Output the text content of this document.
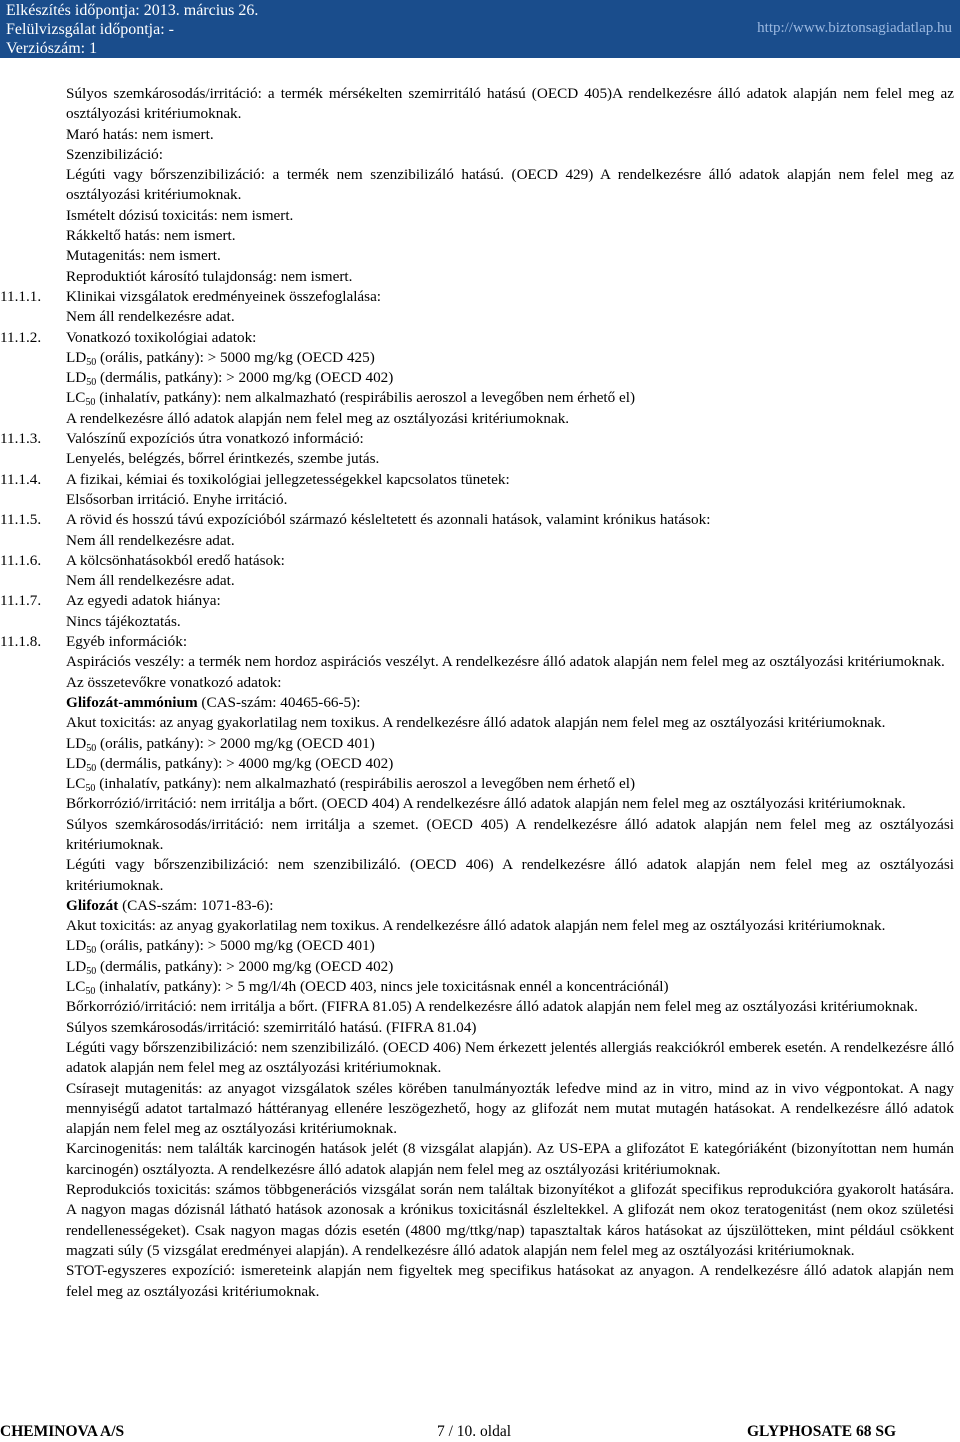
Elkészítés időpontja: 2013. március 26.
Felülvizsgálat időpontja: -
Verziószám: 1
http://www.biztonsagiadatlap.hu
Súlyos szemkárosodás/irritáció: a termék mérsékelten szemirritáló hatású (OECD 405)A rendelkezésre álló adatok alapján nem felel meg az osztályozási kritériumoknak.
Maró hatás: nem ismert.
Szenzibilizáció:
Légúti vagy bőrszenzibilizáció: a termék nem szenzibilizáló hatású. (OECD 429) A rendelkezésre álló adatok alapján nem felel meg az osztályozási kritériumoknak.
Ismételt dózisú toxicitás: nem ismert.
Rákkeltő hatás: nem ismert.
Mutagenitás: nem ismert.
Reproduktiót károsító tulajdonság: nem ismert.
11.1.1. Klinikai vizsgálatok eredményeinek összefoglalása:
Nem áll rendelkezésre adat.
11.1.2. Vonatkozó toxikológiai adatok:
$LD_{50}$ (orális, patkány): > 5000 mg/kg (OECD 425)
$LD_{50}$ (dermális, patkány): > 2000 mg/kg (OECD 402)
$LC_{50}$ (inhalatív, patkány): nem alkalmazható (respirábilis aeroszol a levegőben nem érhető el)
A rendelkezésre álló adatok alapján nem felel meg az osztályozási kritériumoknak.
11.1.3. Valószínű expozíciós útra vonatkozó információ:
Lenyelés, belégzés, bőrrel érintkezés, szembe jutás.
11.1.4. A fizikai, kémiai és toxikológiai jellegzetességekkel kapcsolatos tünetek:
Elsősorban irritáció. Enyhe irritáció.
11.1.5. A rövid és hosszú távú expozícióból származó késleltetett és azonnali hatások, valamint krónikus hatások:
Nem áll rendelkezésre adat.
11.1.6. A kölcsönhatásokból eredő hatások:
Nem áll rendelkezésre adat.
11.1.7. Az egyedi adatok hiánya:
Nincs tájékoztatás.
11.1.8. Egyéb információk:
Aspirációs veszély: a termék nem hordoz aspirációs veszélyt. A rendelkezésre álló adatok alapján nem felel meg az osztályozási kritériumoknak.
Az összetevőkre vonatkozó adatok:
Glifozát-ammónium (CAS-szám: 40465-66-5):
Akut toxicitás: az anyag gyakorlatilag nem toxikus. A rendelkezésre álló adatok alapján nem felel meg az osztályozási kritériumoknak.
$LD_{50}$ (orális, patkány): > 2000 mg/kg (OECD 401)
$LD_{50}$ (dermális, patkány): > 4000 mg/kg (OECD 402)
$LC_{50}$ (inhalatív, patkány): nem alkalmazható (respirábilis aeroszol a levegőben nem érhető el)
Bőrkorrózió/irritáció: nem irritálja a bőrt. (OECD 404) A rendelkezésre álló adatok alapján nem felel meg az osztályozási kritériumoknak.
Súlyos szemkárosodás/irritáció: nem irritálja a szemet. (OECD 405) A rendelkezésre álló adatok alapján nem felel meg az osztályozási kritériumoknak.
Légúti vagy bőrszenzibilizáció: nem szenzibilizáló. (OECD 406) A rendelkezésre álló adatok alapján nem felel meg az osztályozási kritériumoknak.
Glifozát (CAS-szám: 1071-83-6):
Akut toxicitás: az anyag gyakorlatilag nem toxikus. A rendelkezésre álló adatok alapján nem felel meg az osztályozási kritériumoknak.
$LD_{50}$ (orális, patkány): > 5000 mg/kg (OECD 401)
$LD_{50}$ (dermális, patkány): > 2000 mg/kg (OECD 402)
$LC_{50}$ (inhalatív, patkány): > 5 mg/l/4h (OECD 403, nincs jele toxicitásnak ennél a koncentrációnál)
Bőrkorrózió/irritáció: nem irritálja a bőrt. (FIFRA 81.05) A rendelkezésre álló adatok alapján nem felel meg az osztályozási kritériumoknak.
Súlyos szemkárosodás/irritáció: szemirritáló hatású. (FIFRA 81.04)
Légúti vagy bőrszenzibilizáció: nem szenzibilizáló. (OECD 406) Nem érkezett jelentés allergiás reakciókról emberek esetén. A rendelkezésre álló adatok alapján nem felel meg az osztályozási kritériumoknak.
Csírasejt mutagenitás: az anyagot vizsgálatok széles körében tanulmányozták lefedve mind az in vitro, mind az in vivo végpontokat. A nagy mennyiségű adatot tartalmazó háttéranyag ellenére leszögezhető, hogy az glifozát nem mutat mutagén hatásokat. A rendelkezésre álló adatok alapján nem felel meg az osztályozási kritériumoknak.
Karcinogenitás: nem találták karcinogén hatások jelét (8 vizsgálat alapján). Az US-EPA a glifozátot E kategóriáként (bizonyítottan nem humán karcinogén) osztályozta. A rendelkezésre álló adatok alapján nem felel meg az osztályozási kritériumoknak.
Reprodukciós toxicitás: számos többgenerációs vizsgálat során nem találtak bizonyítékot a glifozát specifikus reprodukcióra gyakorolt hatására. A nagyon magas dózisnál látható hatások azonosak a krónikus toxicitásnál észleltekkel. A glifozát nem okoz teratogenitást (nem okoz születési rendellenességeket). Csak nagyon magas dózis esetén (4800 mg/ttkg/nap) tapasztaltak káros hatásokat az újszülötteken, mint például csökkent magzati súly (5 vizsgálat eredményei alapján). A rendelkezésre álló adatok alapján nem felel meg az osztályozási kritériumoknak.
STOT-egyszeres expozíció: ismereteink alapján nem figyeltek meg specifikus hatásokat az anyagon. A rendelkezésre álló adatok alapján nem felel meg az osztályozási kritériumoknak.
CHEMINOVA A/S	7 / 10. oldal	GLYPHOSATE 68 SG
